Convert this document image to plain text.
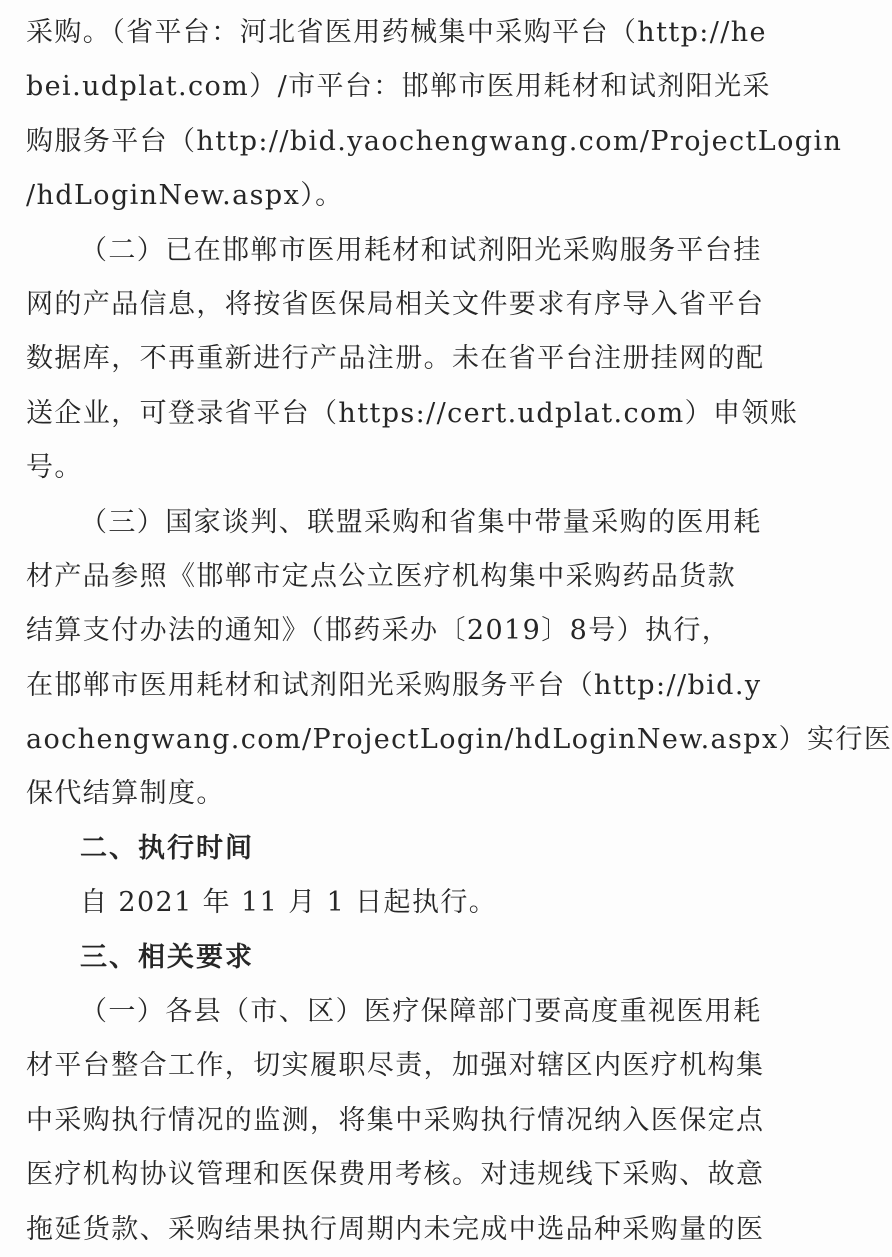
采购。（省平台：河北省医用药械集中采购平台（http://he
bei.udplat.com）/市平台：邯郸市医用耗材和试剂阳光采
购服务平台（http://bid.yaochengwang.com/ProjectLogin
/hdLoginNew.aspx）。
（二）已在邯郸市医用耗材和试剂阳光采购服务平台挂
网的产品信息，将按省医保局相关文件要求有序导入省平台
数据库，不再重新进行产品注册。未在省平台注册挂网的配
送企业，可登录省平台（https://cert.udplat.com）申领账
号。
（三）国家谈判、联盟采购和省集中带量采购的医用耗
材产品参照《邯郸市定点公立医疗机构集中采购药品货款
结算支付办法的通知》（邯药采办〔2019〕8号）执行，
在邯郸市医用耗材和试剂阳光采购服务平台（http://bid.y
aochengwang.com/ProjectLogin/hdLoginNew.aspx）实行医
保代结算制度。
二、执行时间
自 2021 年 11 月 1 日起执行。
三、相关要求
（一）各县（市、区）医疗保障部门要高度重视医用耗
材平台整合工作，切实履职尽责，加强对辖区内医疗机构集
中采购执行情况的监测，将集中采购执行情况纳入医保定点
医疗机构协议管理和医保费用考核。对违规线下采购、故意
拖延货款、采购结果执行周期内未完成中选品种采购量的医
